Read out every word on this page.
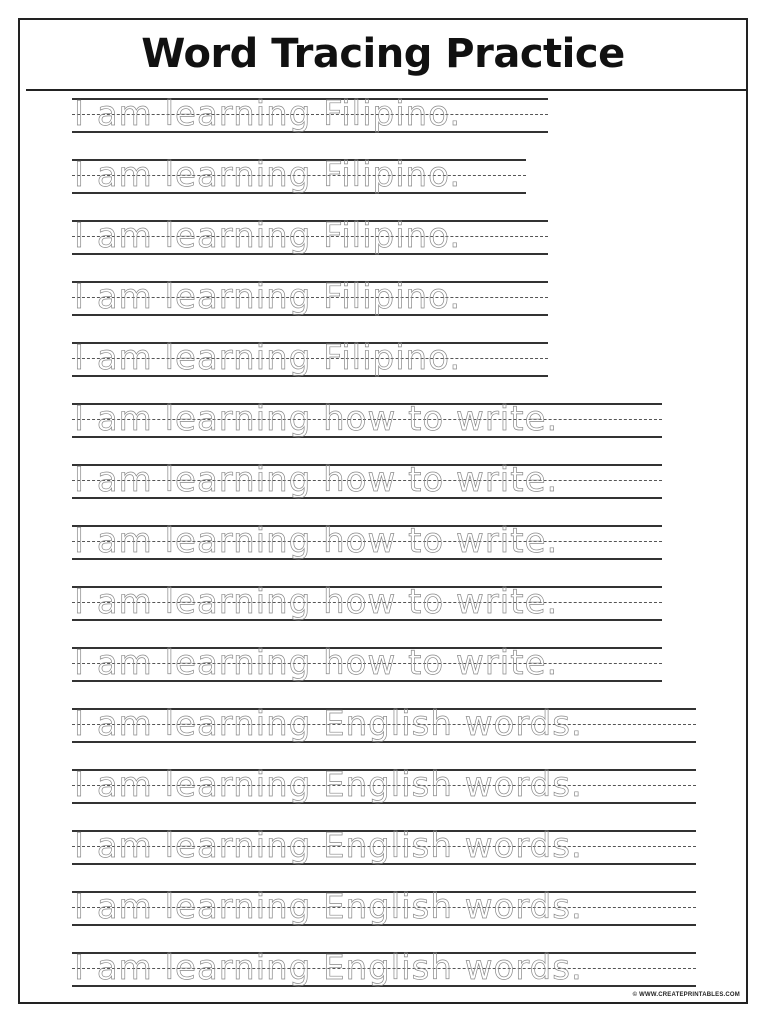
Word Tracing Practice
I am learning Filipino.
I am learning Filipino.
I am learning Filipino.
I am learning Filipino.
I am learning Filipino.
I am learning how to write.
I am learning how to write.
I am learning how to write.
I am learning how to write.
I am learning how to write.
I am learning English words.
I am learning English words.
I am learning English words.
I am learning English words.
I am learning English words.
© WWW.CREATEPRINTABLES.COM
